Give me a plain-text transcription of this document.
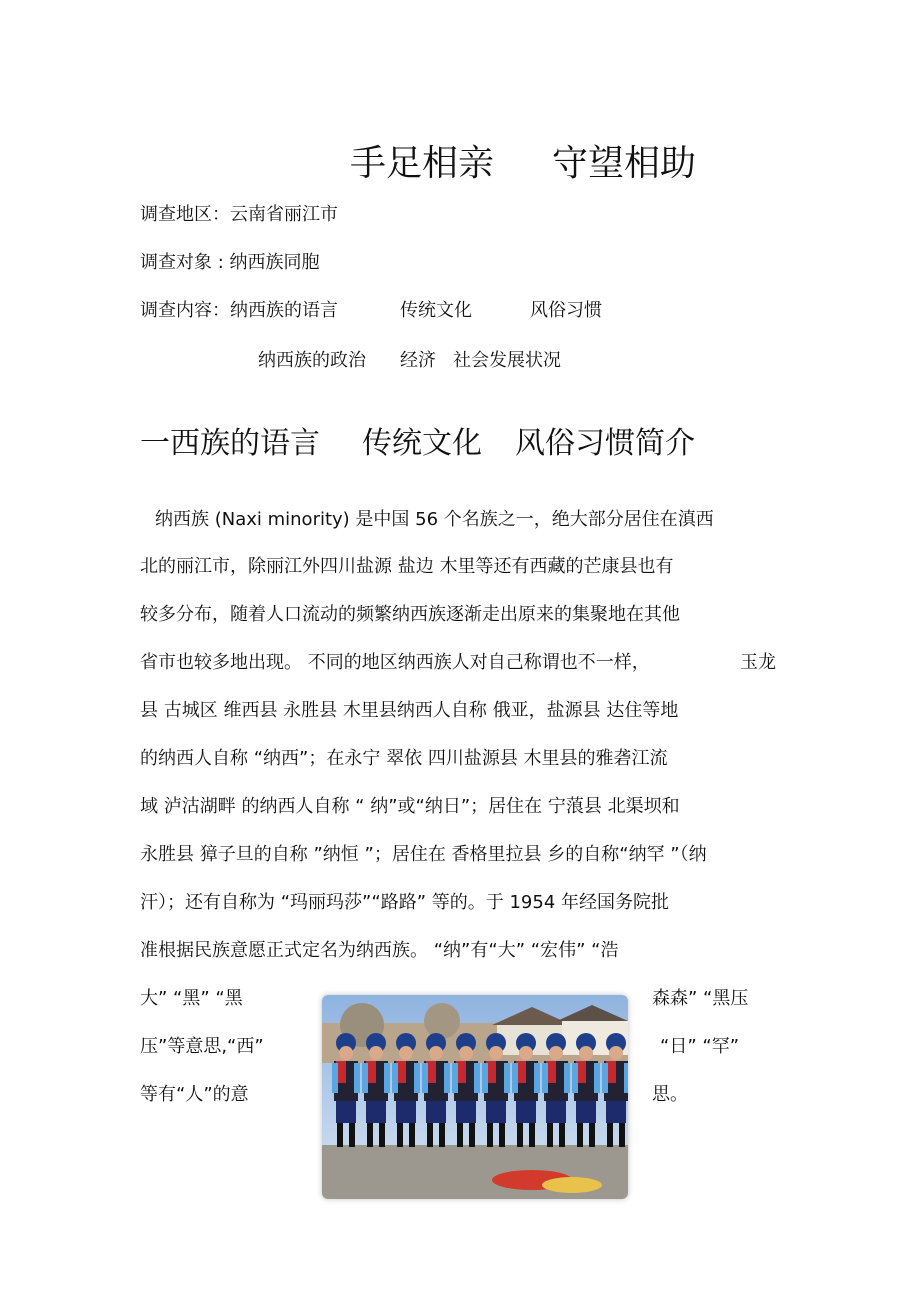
手足相亲 守望相助
调查地区：云南省丽江市
调查对象 : 纳西族同胞
调查内容：纳西族的语言	传统文化	风俗习惯
纳西族的政治 经济 社会发展状况
一西族的语言 传统文化 风俗习惯简介
纳西族 (Naxi minority) 是中国 56 个名族之一，绝大部分居住在滇西
北的丽江市，除丽江外四川盐源 盐边 木里等还有西藏的芒康县也有
较多分布，随着人口流动的频繁纳西族逐渐走出原来的集聚地在其他
省市也较多地出现。 不同的地区纳西族人对自己称谓也不一样，	玉龙
县 古城区 维西县 永胜县 木里县纳西人自称 俄亚，盐源县 达住等地
的纳西人自称 “纳西”；在永宁 翠依 四川盐源县 木里县的雅砻江流
域 泸沽湖畔 的纳西人自称 “ 纳”或“纳日”；居住在 宁蒗县 北渠坝和
永胜县 獐子旦的自称 ”纳恒 ”；居住在 香格里拉县 乡的自称“纳罕 ”（纳
汗）；还有自称为 “玛丽玛莎”“路路” 等的。于 1954 年经国务院批
准根据民族意愿正式定名为纳西族。 “纳”有“大” “宏伟” “浩
大” “黑” “黑	森森” “黑压
压”等意思,“西”	“日” “罕”
等有“人”的意	思。
